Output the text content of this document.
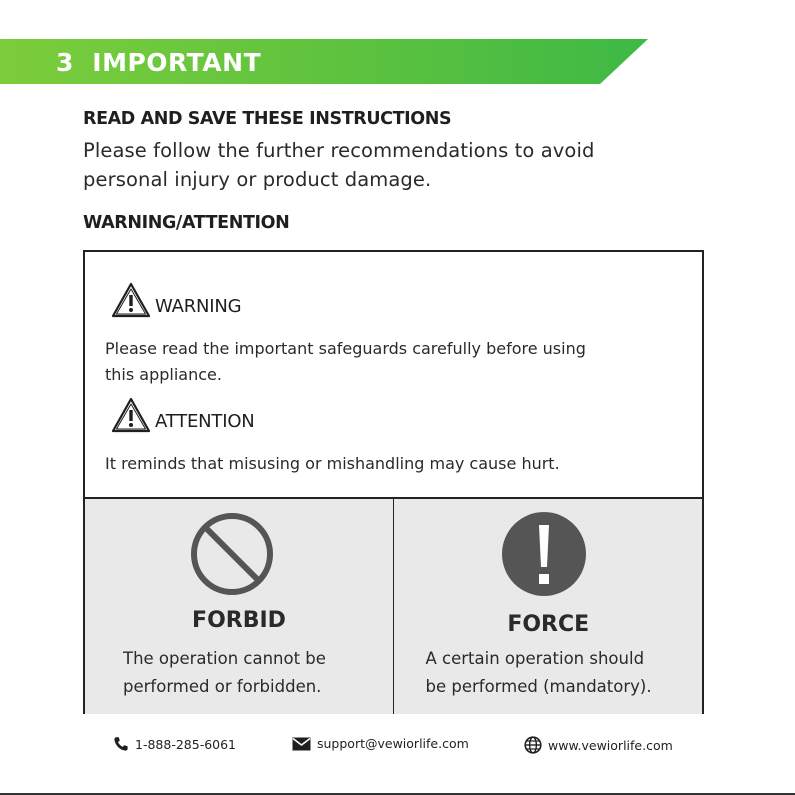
3  IMPORTANT
READ AND SAVE THESE INSTRUCTIONS

Please follow the further recommendations to avoid
personal injury or product damage.

WARNING/ATTENTION
WARNING

Please read the important safeguards carefully before using
this appliance.

ATTENTION

It reminds that misusing or mishandling may cause hurt.

FORBID

The operation cannot be
performed or forbidden.

FORCE

A certain operation should
be performed (mandatory).

1-888-285-6061	support@vewiorlife.com	www.vewiorlife.com
